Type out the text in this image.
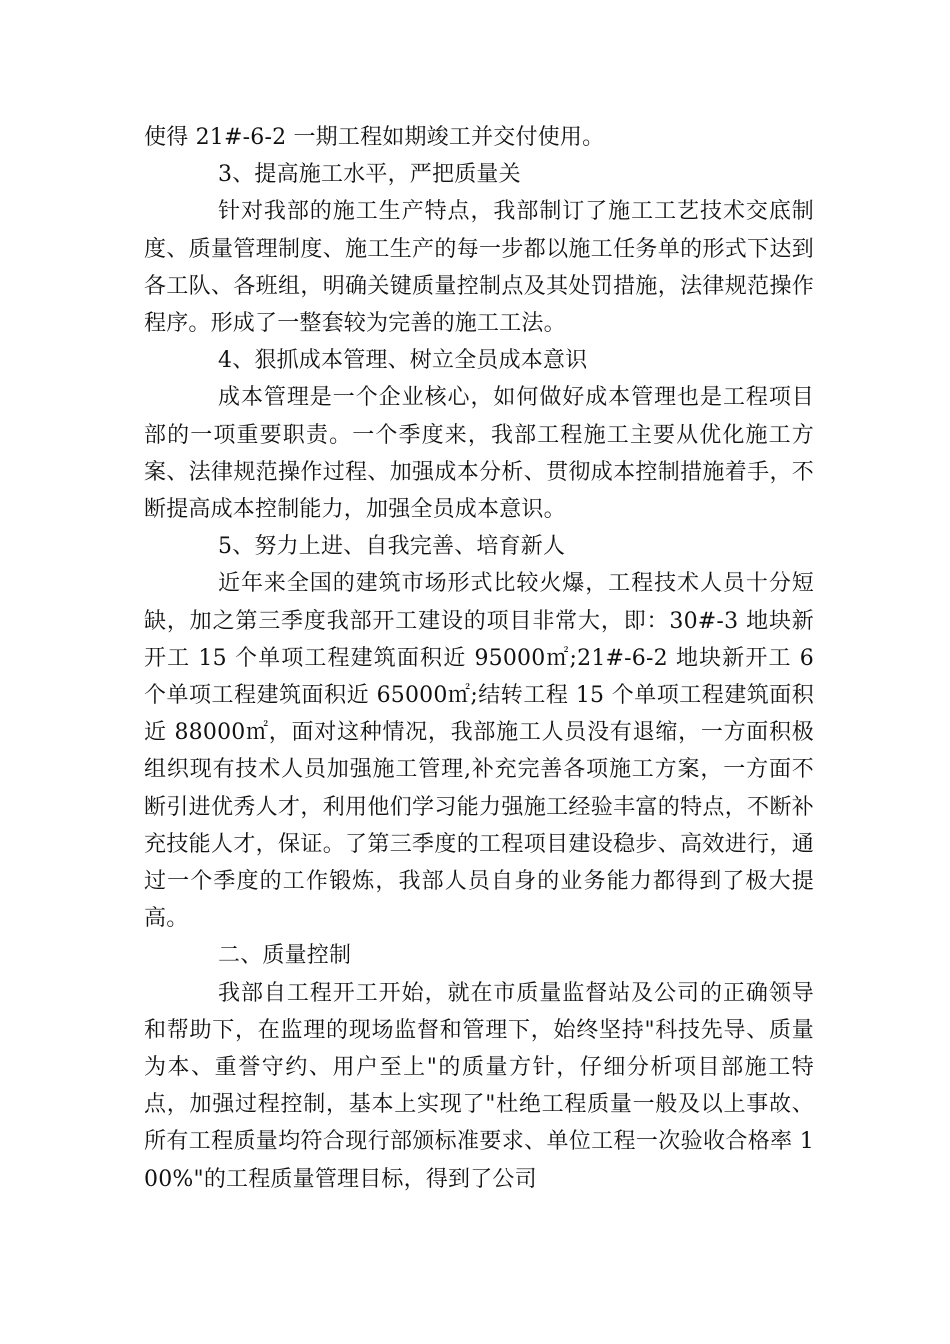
使得 21#-6-2 一期工程如期竣工并交付使用。

3、提高施工水平，严把质量关

针对我部的施工生产特点，我部制订了施工工艺技术交底制度、质量管理制度、施工生产的每一步都以施工任务单的形式下达到各工队、各班组，明确关键质量控制点及其处罚措施，法律规范操作程序。形成了一整套较为完善的施工工法。

4、狠抓成本管理、树立全员成本意识

成本管理是一个企业核心，如何做好成本管理也是工程项目部的一项重要职责。一个季度来，我部工程施工主要从优化施工方案、法律规范操作过程、加强成本分析、贯彻成本控制措施着手，不断提高成本控制能力，加强全员成本意识。

5、努力上进、自我完善、培育新人

近年来全国的建筑市场形式比较火爆，工程技术人员十分短缺，加之第三季度我部开工建设的项目非常大，即：30#-3 地块新开工 15 个单项工程建筑面积近 95000㎡;21#-6-2 地块新开工 6 个单项工程建筑面积近 65000㎡;结转工程 15 个单项工程建筑面积近 88000㎡，面对这种情况，我部施工人员没有退缩，一方面积极组织现有技术人员加强施工管理,补充完善各项施工方案，一方面不断引进优秀人才，利用他们学习能力强施工经验丰富的特点，不断补充技能人才，保证。了第三季度的工程项目建设稳步、高效进行，通过一个季度的工作锻炼，我部人员自身的业务能力都得到了极大提高。

二、质量控制

我部自工程开工开始，就在市质量监督站及公司的正确领导和帮助下，在监理的现场监督和管理下，始终坚持"科技先导、质量为本、重誉守约、用户至上"的质量方针，仔细分析项目部施工特点，加强过程控制，基本上实现了"杜绝工程质量一般及以上事故、所有工程质量均符合现行部颁标准要求、单位工程一次验收合格率 100%"的工程质量管理目标，得到了公司
